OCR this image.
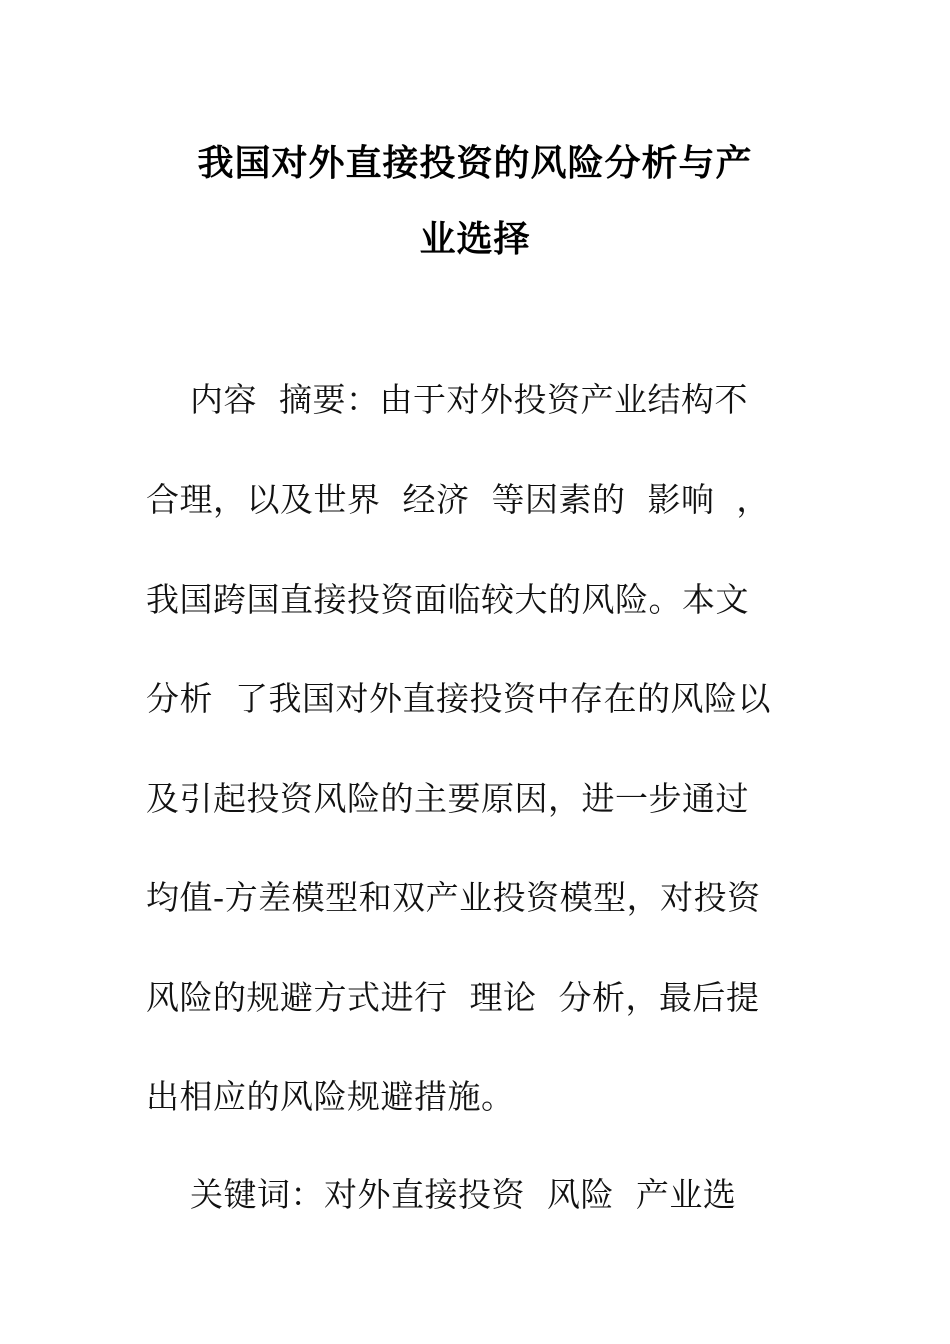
我国对外直接投资的风险分析与产
业选择
内容  摘要：由于对外投资产业结构不
合理，以及世界  经济  等因素的  影响  ，
我国跨国直接投资面临较大的风险。本文
分析  了我国对外直接投资中存在的风险以
及引起投资风险的主要原因，进一步通过
均值-方差模型和双产业投资模型，对投资
风险的规避方式进行  理论  分析，最后提
出相应的风险规避措施。
关键词：对外直接投资  风险  产业选
